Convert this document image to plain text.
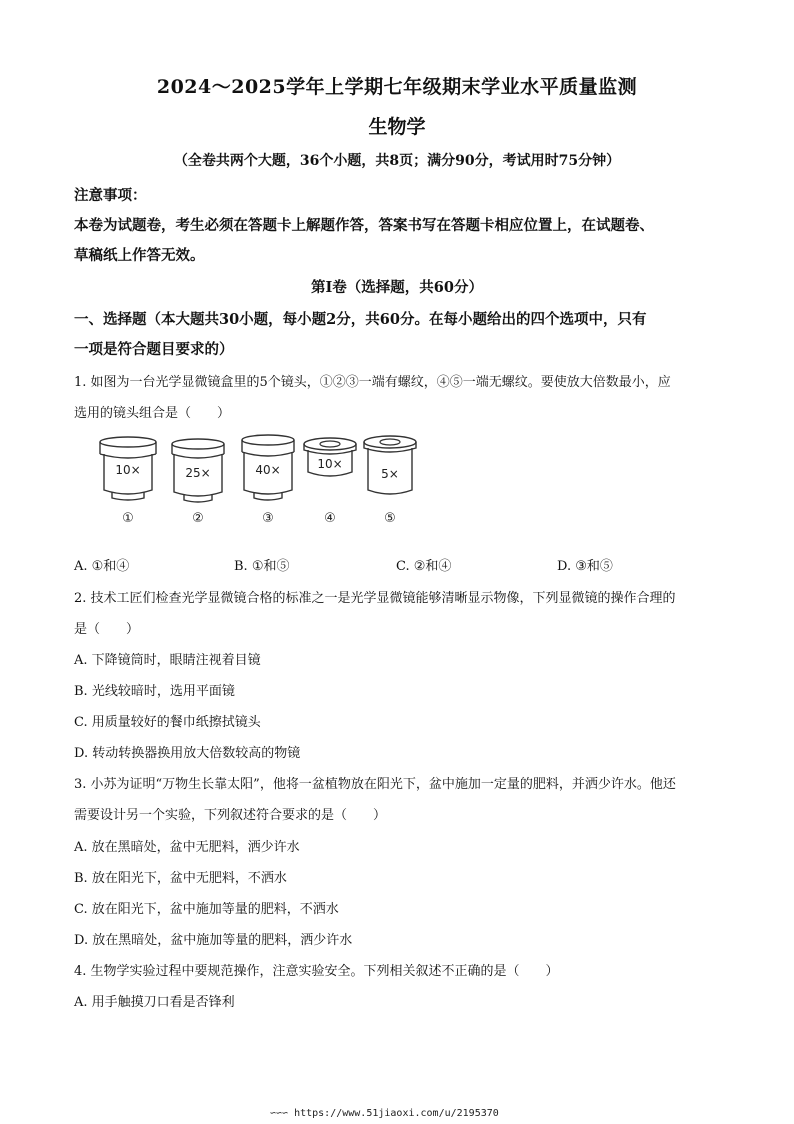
2024～2025学年上学期七年级期末学业水平质量监测
生物学
（全卷共两个大题，36个小题，共8页；满分90分，考试用时75分钟）
注意事项：
本卷为试题卷，考生必须在答题卡上解题作答，答案书写在答题卡相应位置上，在试题卷、
草稿纸上作答无效。
第Ⅰ卷（选择题，共60分）
一、选择题（本大题共30小题，每小题2分，共60分。在每小题给出的四个选项中，只有
一项是符合题目要求的）
1. 如图为一台光学显微镜盒里的5个镜头，①②③一端有螺纹，④⑤一端无螺纹。要使放大倍数最小，应
选用的镜头组合是（　　）
10×	25×	40×	10×
5×
①	②	③	④	⑤
A. ①和④	B. ①和⑤	C. ②和④	D. ③和⑤
2. 技术工匠们检查光学显微镜合格的标准之一是光学显微镜能够清晰显示物像，下列显微镜的操作合理的
是（　　）
A. 下降镜筒时，眼睛注视着目镜
B. 光线较暗时，选用平面镜
C. 用质量较好的餐巾纸擦拭镜头
D. 转动转换器换用放大倍数较高的物镜
3. 小苏为证明“万物生长靠太阳”，他将一盆植物放在阳光下，盆中施加一定量的肥料，并洒少许水。他还
需要设计另一个实验，下列叙述符合要求的是（　　）
A. 放在黑暗处，盆中无肥料，洒少许水
B. 放在阳光下，盆中无肥料，不洒水
C. 放在阳光下，盆中施加等量的肥料，不洒水
D. 放在黑暗处，盆中施加等量的肥料，洒少许水
4. 生物学实验过程中要规范操作，注意实验安全。下列相关叙述不正确的是（　　）
A. 用手触摸刀口看是否锋利
∽∽∽ https://www.51jiaoxi.com/u/2195370
